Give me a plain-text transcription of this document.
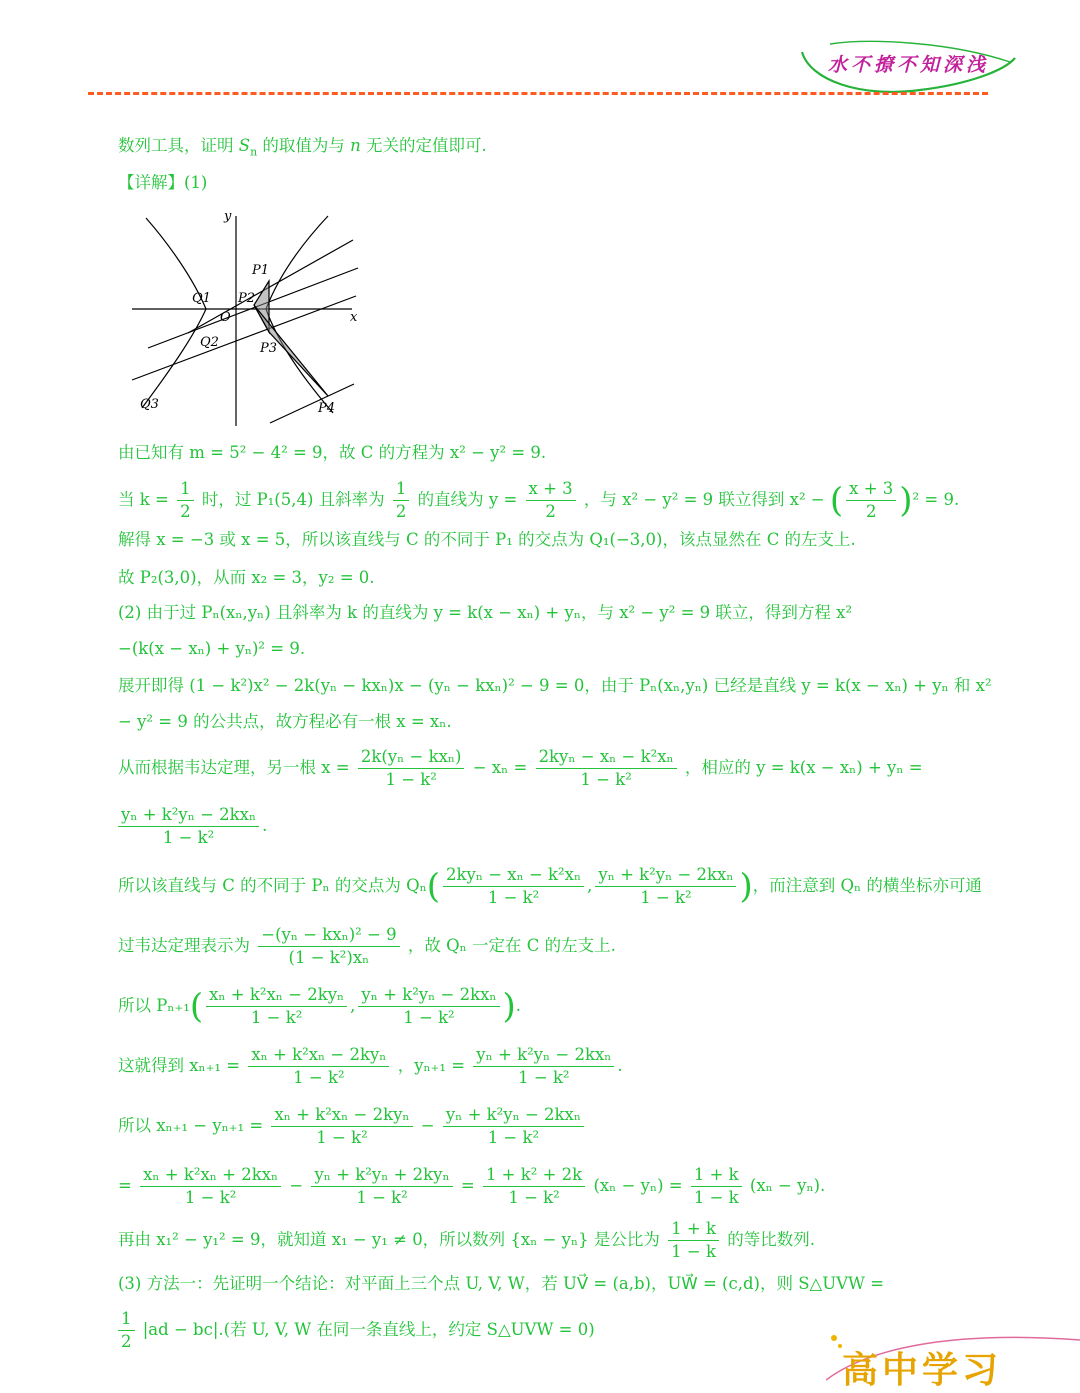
水不撩不知深浅
数列工具，证明 $S_n$ 的取值为与 n 无关的定值即可.
【详解】(1)
y
x
O
P1
P2
P3
P4
Q1
Q2
Q3
由已知有 m = 5² − 4² = 9，故 C 的方程为 x² − y² = 9.
当 $k = \frac{1}{2}$ 时，过 P₁(5,4) 且斜率为 $\frac{1}{2}$ 的直线为 $y = \frac{x + 3}{2}$ ，与 x² − y² = 9 联立得到 x² − ( $\frac{x + 3}{2} )^2 = 9$.
解得 x = −3 或 x = 5，所以该直线与 C 的不同于 P₁ 的交点为 Q₁(−3,0)，该点显然在 C 的左支上.
故 P₂(3,0)，从而 x₂ = 3，y₂ = 0.
(2) 由于过 Pₙ(xₙ,yₙ) 且斜率为 k 的直线为 y = k(x − xₙ) + yₙ，与 x² − y² = 9 联立，得到方程 x²
−(k(x − xₙ) + yₙ)² = 9.
展开即得 (1 − k²)x² − 2k(yₙ − kxₙ)x − (yₙ − kxₙ)² − 9 = 0，由于 Pₙ(xₙ,yₙ) 已经是直线 y = k(x − xₙ) + yₙ 和 x²
− y² = 9 的公共点，故方程必有一根 x = xₙ.
从而根据韦达定理，另一根 $x = \frac{\text{2k(yₙ − kxₙ)}}{\text{1 − k²}} - x_n = \frac{\text{2kyₙ − xₙ − k²xₙ}}{\text{1 − k²}}$ ，相应的 y = k(x − xₙ) + yₙ =
$\frac{\text{yₙ + k²yₙ − 2kxₙ}}{\text{1 − k²}}$ .
所以该直线与 C 的不同于 Pₙ 的交点为 $Q_n( \frac{\text{2kyₙ − xₙ − k²xₙ}}{\text{1 − k²}}$ , $\frac{\text{yₙ + k²yₙ − 2kxₙ}}{\text{1 − k²}}$ )，而注意到 Qₙ 的横坐标亦可通
过韦达定理表示为 $\frac{\text{−(yₙ − kxₙ)² − 9}}{\text{(1 − k²)xₙ}}$ ，故 Qₙ 一定在 C 的左支上.
所以 $P_{n+1}( \frac{\text{xₙ + k²xₙ − 2kyₙ}}{\text{1 − k²}}$ , $\frac{\text{yₙ + k²yₙ − 2kxₙ}}{\text{1 − k²}}$ ).
这就得到 $x_{n+1} = \frac{\text{xₙ + k²xₙ − 2kyₙ}}{\text{1 − k²}}$ ，$y_{n+1} = \frac{\text{yₙ + k²yₙ − 2kxₙ}}{\text{1 − k²}}$ .
所以 $x_{n+1} - y_{n+1} = \frac{\text{xₙ + k²xₙ − 2kyₙ}}{\text{1 − k²}} - \frac{\text{yₙ + k²yₙ − 2kxₙ}}{\text{1 − k²}}$
= $\frac{\text{xₙ + k²xₙ + 2kxₙ}}{\text{1 − k²}} - \frac{\text{yₙ + k²yₙ + 2kyₙ}}{\text{1 − k²}} = \frac{\text{1 + k² + 2k}}{\text{1 − k²}} (x_n - y_n) = \frac{1 + k}{1 - k} (x_n - y_n)$.
再由 x₁² − y₁² = 9，就知道 x₁ − y₁ ≠ 0，所以数列 {xₙ − yₙ} 是公比为 $\frac{1 + k}{1 - k}$ 的等比数列.
(3) 方法一：先证明一个结论：对平面上三个点 U, V, W，若 UV⃗ = (a,b)，UW⃗ = (c,d)，则 S△UVW =
$\frac{1}{2} |ad - bc|$.(若 U, V, W 在同一条直线上，约定 S△UVW = 0)
高中学习
